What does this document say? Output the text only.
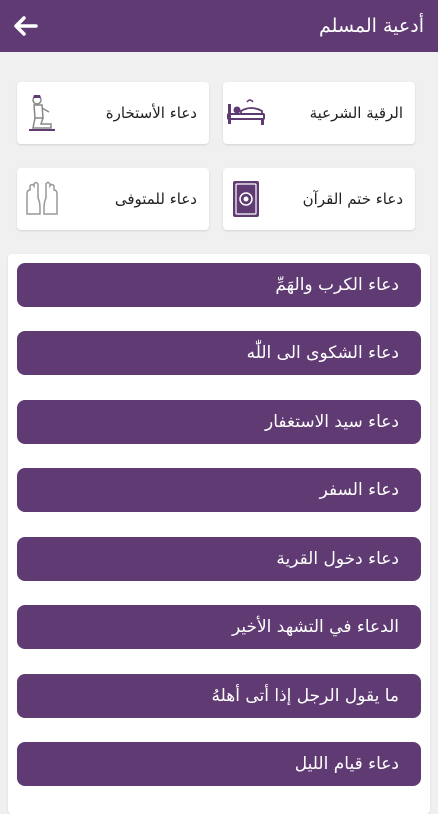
أدعية المسلم
الرقية الشرعية
دعاء الأستخارة
دعاء ختم القرآن
دعاء للمتوفى
دعاء الكرب والهَمِّ
دعاء الشكوى الى اللّٰه
دعاء سيد الاستغفار
دعاء السفر
دعاء دخول القرية
الدعاء في التشهد الأخير
ما يقول الرجل إذا أتى أهلهُ
دعاء قيام الليل
